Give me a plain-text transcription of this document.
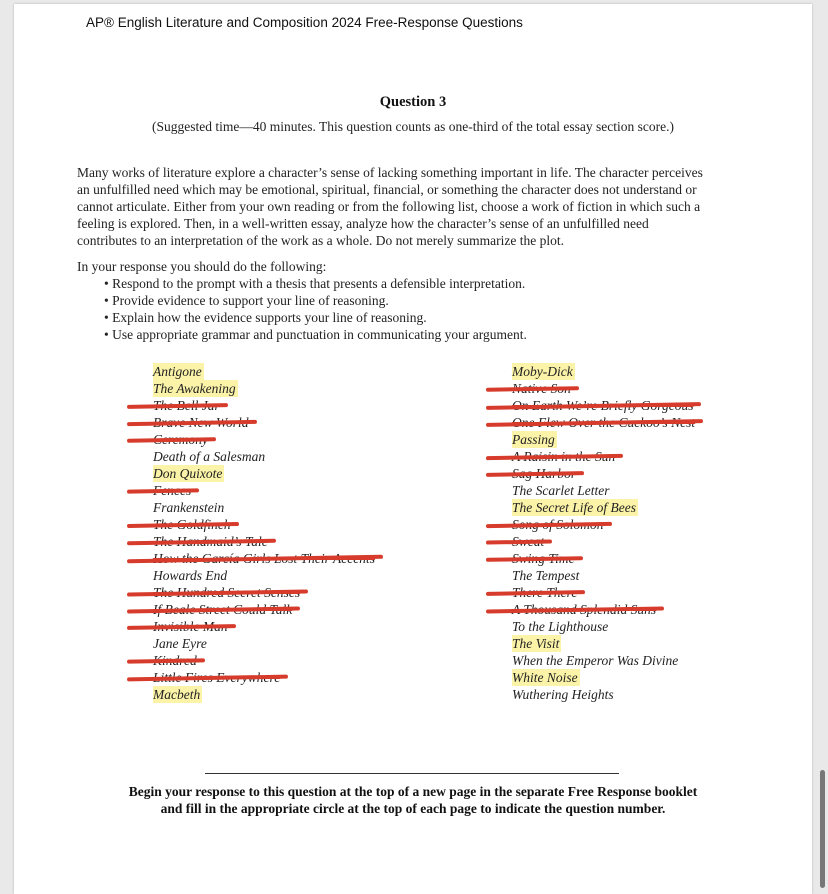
AP® English Literature and Composition 2024 Free-Response Questions
Question 3
(Suggested time—40 minutes. This question counts as one-third of the total essay section score.)

Many works of literature explore a character’s sense of lacking something important in life. The character perceives
an unfulfilled need which may be emotional, spiritual, financial, or something the character does not understand or
cannot articulate. Either from your own reading or from the following list, choose a work of fiction in which such a
feeling is explored. Then, in a well-written essay, analyze how the character’s sense of an unfulfilled need
contributes to an interpretation of the work as a whole. Do not merely summarize the plot.

In your response you should do the following:
• Respond to the prompt with a thesis that presents a defensible interpretation.
• Provide evidence to support your line of reasoning.
• Explain how the evidence supports your line of reasoning.
• Use appropriate grammar and punctuation in communicating your argument.
Antigone
The Awakening
Death of a Salesman
Don Quixote
Frankenstein
Howards End
Jane Eyre
Macbeth
Moby-Dick
Passing
The Scarlet Letter
The Secret Life of Bees
The Tempest
To the Lighthouse
The Visit
When the Emperor Was Divine
White Noise
Wuthering Heights
Begin your response to this question at the top of a new page in the separate Free Response booklet
and fill in the appropriate circle at the top of each page to indicate the question number.
